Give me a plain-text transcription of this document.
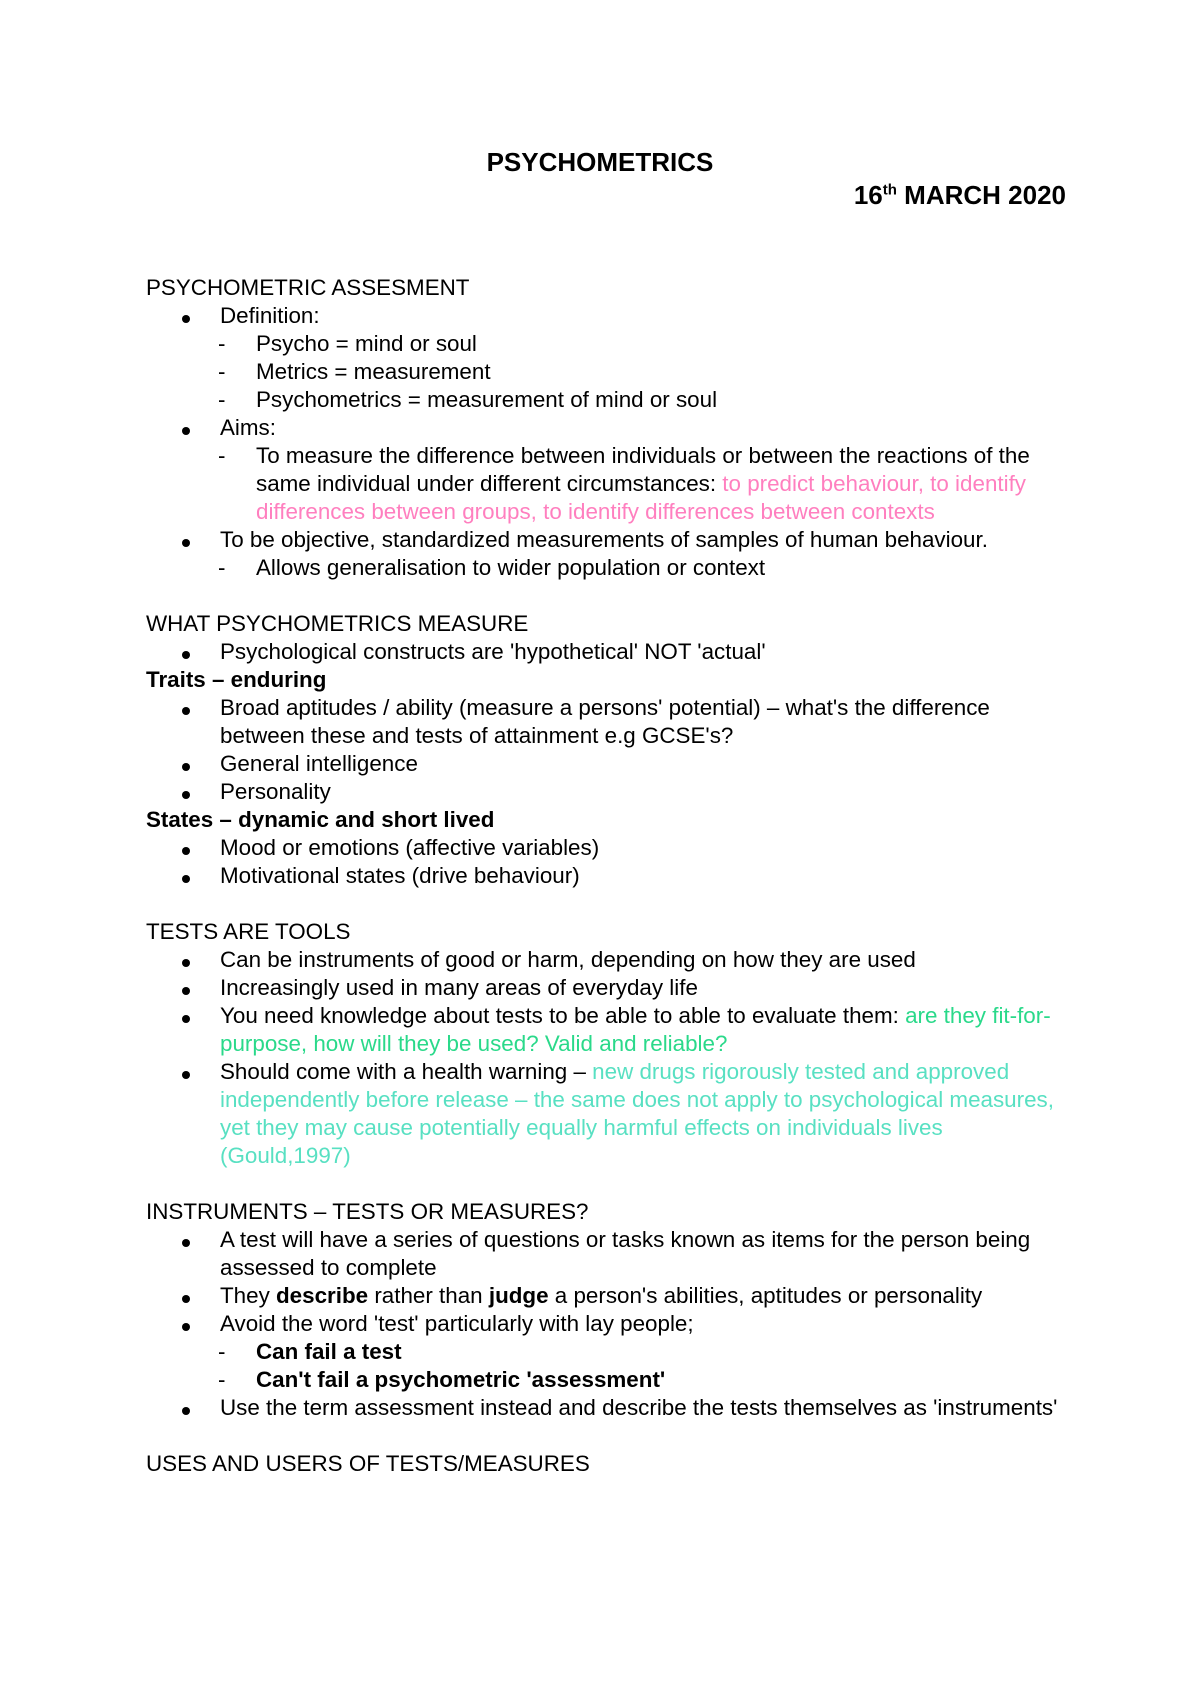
PSYCHOMETRICS
16th MARCH 2020
PSYCHOMETRIC ASSESMENT
Definition:
- Psycho = mind or soul
- Metrics = measurement
- Psychometrics = measurement of mind or soul
Aims:
- To measure the difference between individuals or between the reactions of the same individual under different circumstances: to predict behaviour, to identify differences between groups, to identify differences between contexts
To be objective, standardized measurements of samples of human behaviour.
- Allows generalisation to wider population or context
WHAT PSYCHOMETRICS MEASURE
Psychological constructs are 'hypothetical' NOT 'actual'
Traits – enduring
Broad aptitudes / ability (measure a persons' potential) – what's the difference between these and tests of attainment e.g GCSE's?
General intelligence
Personality
States – dynamic and short lived
Mood or emotions (affective variables)
Motivational states (drive behaviour)
TESTS ARE TOOLS
Can be instruments of good or harm, depending on how they are used
Increasingly used in many areas of everyday life
You need knowledge about tests to be able to able to evaluate them: are they fit-for-purpose, how will they be used? Valid and reliable?
Should come with a health warning – new drugs rigorously tested and approved independently before release – the same does not apply to psychological measures, yet they may cause potentially equally harmful effects on individuals lives (Gould,1997)
INSTRUMENTS – TESTS OR MEASURES?
A test will have a series of questions or tasks known as items for the person being assessed to complete
They describe rather than judge a person's abilities, aptitudes or personality
Avoid the word 'test' particularly with lay people;
- Can fail a test
- Can't fail a psychometric 'assessment'
Use the term assessment instead and describe the tests themselves as 'instruments'
USES AND USERS OF TESTS/MEASURES
